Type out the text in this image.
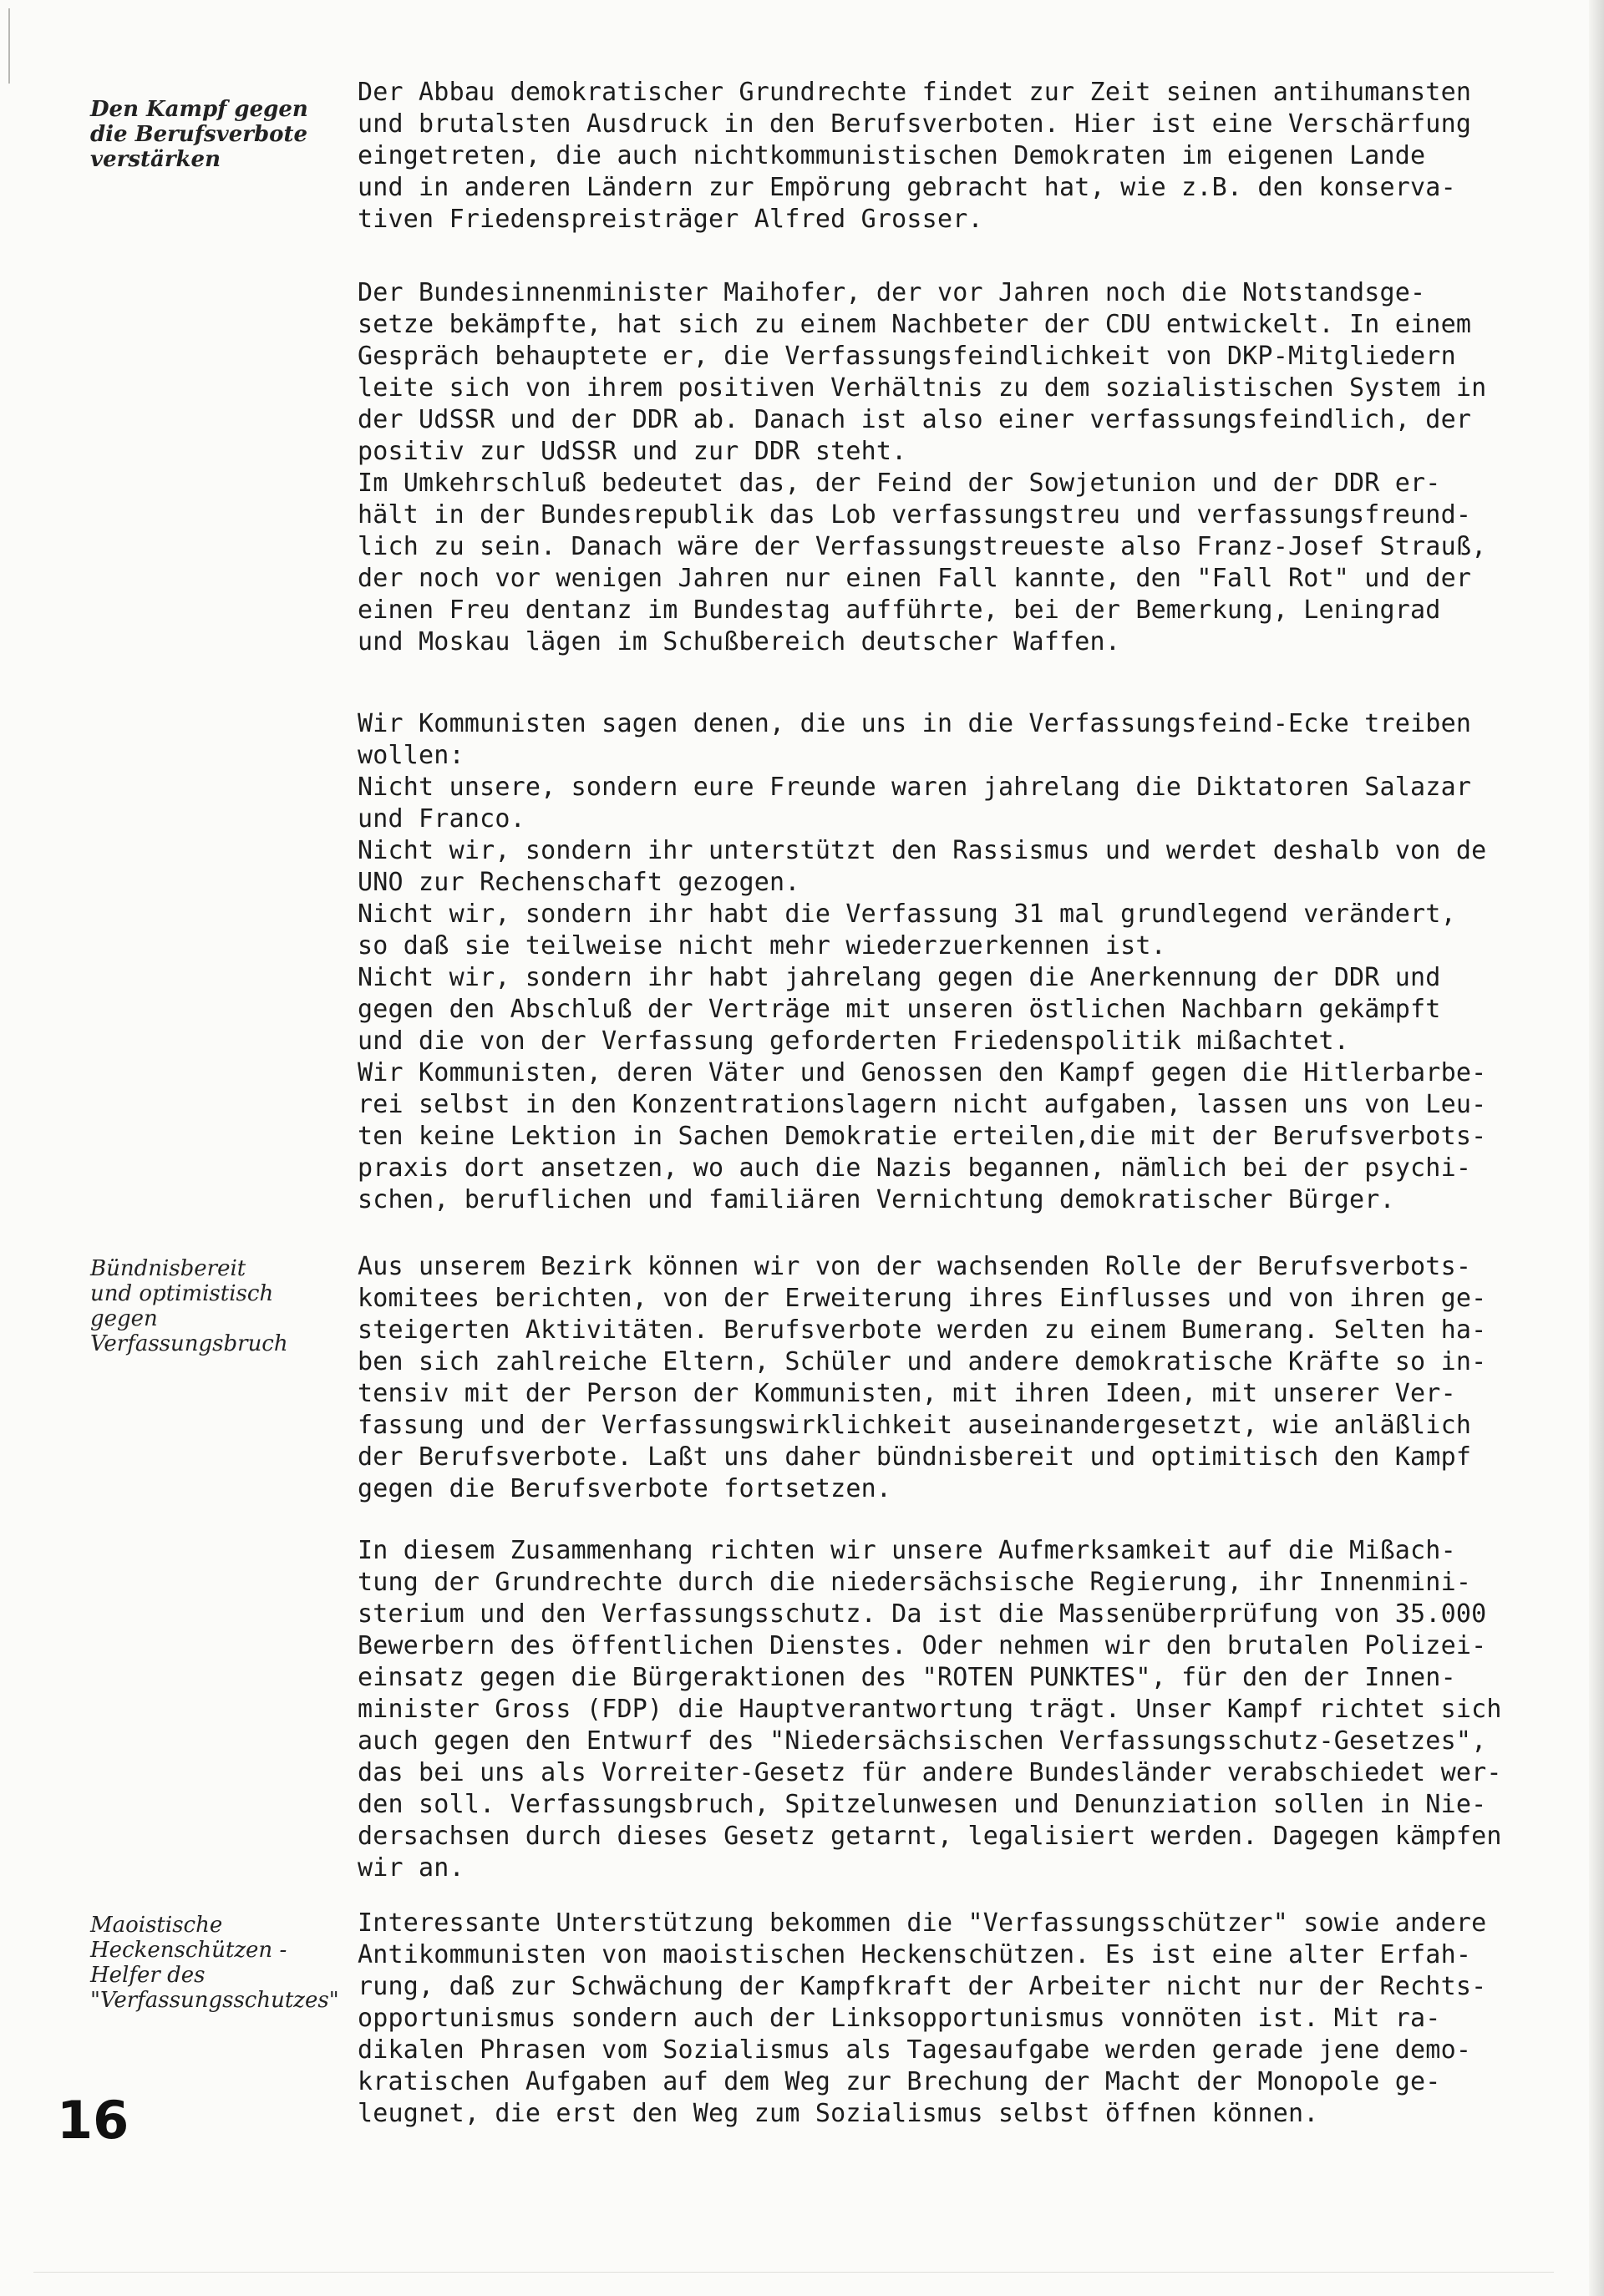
Den Kampf gegen die Berufsverbote verstärken

Der Abbau demokratischer Grundrechte findet zur Zeit seinen antihumansten
und brutalsten Ausdruck in den Berufsverboten. Hier ist eine Verschärfung
eingetreten, die auch nichtkommunistischen Demokraten im eigenen Lande
und in anderen Ländern zur Empörung gebracht hat, wie z.B. den konserva-
tiven Friedenspreisträger Alfred Grosser.

Der Bundesinnenminister Maihofer, der vor Jahren noch die Notstandsge-
setze bekämpfte, hat sich zu einem Nachbeter der CDU entwickelt. In einem
Gespräch behauptete er, die Verfassungsfeindlichkeit von DKP-Mitgliedern
leite sich von ihrem positiven Verhältnis zu dem sozialistischen System in
der UdSSR und der DDR ab. Danach ist also einer verfassungsfeindlich, der
positiv zur UdSSR und zur DDR steht.
Im Umkehrschluß bedeutet das, der Feind der Sowjetunion und der DDR er-
hält in der Bundesrepublik das Lob verfassungstreu und verfassungsfreund-
lich zu sein. Danach wäre der Verfassungstreueste also Franz-Josef Strauß,
der noch vor wenigen Jahren nur einen Fall kannte, den "Fall Rot" und der
einen Freu dentanz im Bundestag aufführte, bei der Bemerkung, Leningrad
und Moskau lägen im Schußbereich deutscher Waffen.

Wir Kommunisten sagen denen, die uns in die Verfassungsfeind-Ecke treiben
wollen:
Nicht unsere, sondern eure Freunde waren jahrelang die Diktatoren Salazar
und Franco.
Nicht wir, sondern ihr unterstützt den Rassismus und werdet deshalb von de
UNO zur Rechenschaft gezogen.
Nicht wir, sondern ihr habt die Verfassung 31 mal grundlegend verändert,
so daß sie teilweise nicht mehr wiederzuerkennen ist.
Nicht wir, sondern ihr habt jahrelang gegen die Anerkennung der DDR und
gegen den Abschluß der Verträge mit unseren östlichen Nachbarn gekämpft
und die von der Verfassung geforderten Friedenspolitik mißachtet.
Wir Kommunisten, deren Väter und Genossen den Kampf gegen die Hitlerbarbe-
rei selbst in den Konzentrationslagern nicht aufgaben, lassen uns von Leu-
ten keine Lektion in Sachen Demokratie erteilen,die mit der Berufsverbots-
praxis dort ansetzen, wo auch die Nazis begannen, nämlich bei der psychi-
schen, beruflichen und familiären Vernichtung demokratischer Bürger.

Bündnisbereit und optimistisch gegen Verfassungsbruch

Aus unserem Bezirk können wir von der wachsenden Rolle der Berufsverbots-
komitees berichten, von der Erweiterung ihres Einflusses und von ihren ge-
steigerten Aktivitäten. Berufsverbote werden zu einem Bumerang. Selten ha-
ben sich zahlreiche Eltern, Schüler und andere demokratische Kräfte so in-
tensiv mit der Person der Kommunisten, mit ihren Ideen, mit unserer Ver-
fassung und der Verfassungswirklichkeit auseinandergesetzt, wie anläßlich
der Berufsverbote. Laßt uns daher bündnisbereit und optimitisch den Kampf
gegen die Berufsverbote fortsetzen.

In diesem Zusammenhang richten wir unsere Aufmerksamkeit auf die Mißach-
tung der Grundrechte durch die niedersächsische Regierung, ihr Innenmini-
sterium und den Verfassungsschutz. Da ist die Massenüberprüfung von 35.000
Bewerbern des öffentlichen Dienstes. Oder nehmen wir den brutalen Polizei-
einsatz gegen die Bürgeraktionen des "ROTEN PUNKTES", für den der Innen-
minister Gross (FDP) die Hauptverantwortung trägt. Unser Kampf richtet sich
auch gegen den Entwurf des "Niedersächsischen Verfassungsschutz-Gesetzes",
das bei uns als Vorreiter-Gesetz für andere Bundesländer verabschiedet wer-
den soll. Verfassungsbruch, Spitzelunwesen und Denunziation sollen in Nie-
dersachsen durch dieses Gesetz getarnt, legalisiert werden. Dagegen kämpfen
wir an.

Maoistische Heckenschützen - Helfer des "Verfassungsschutzes"

Interessante Unterstützung bekommen die "Verfassungsschützer" sowie andere
Antikommunisten von maoistischen Heckenschützen. Es ist eine alter Erfah-
rung, daß zur Schwächung der Kampfkraft der Arbeiter nicht nur der Rechts-
opportunismus sondern auch der Linksopportunismus vonnöten ist. Mit ra-
dikalen Phrasen vom Sozialismus als Tagesaufgabe werden gerade jene demo-
kratischen Aufgaben auf dem Weg zur Brechung der Macht der Monopole ge-
leugnet, die erst den Weg zum Sozialismus selbst öffnen können.

16
